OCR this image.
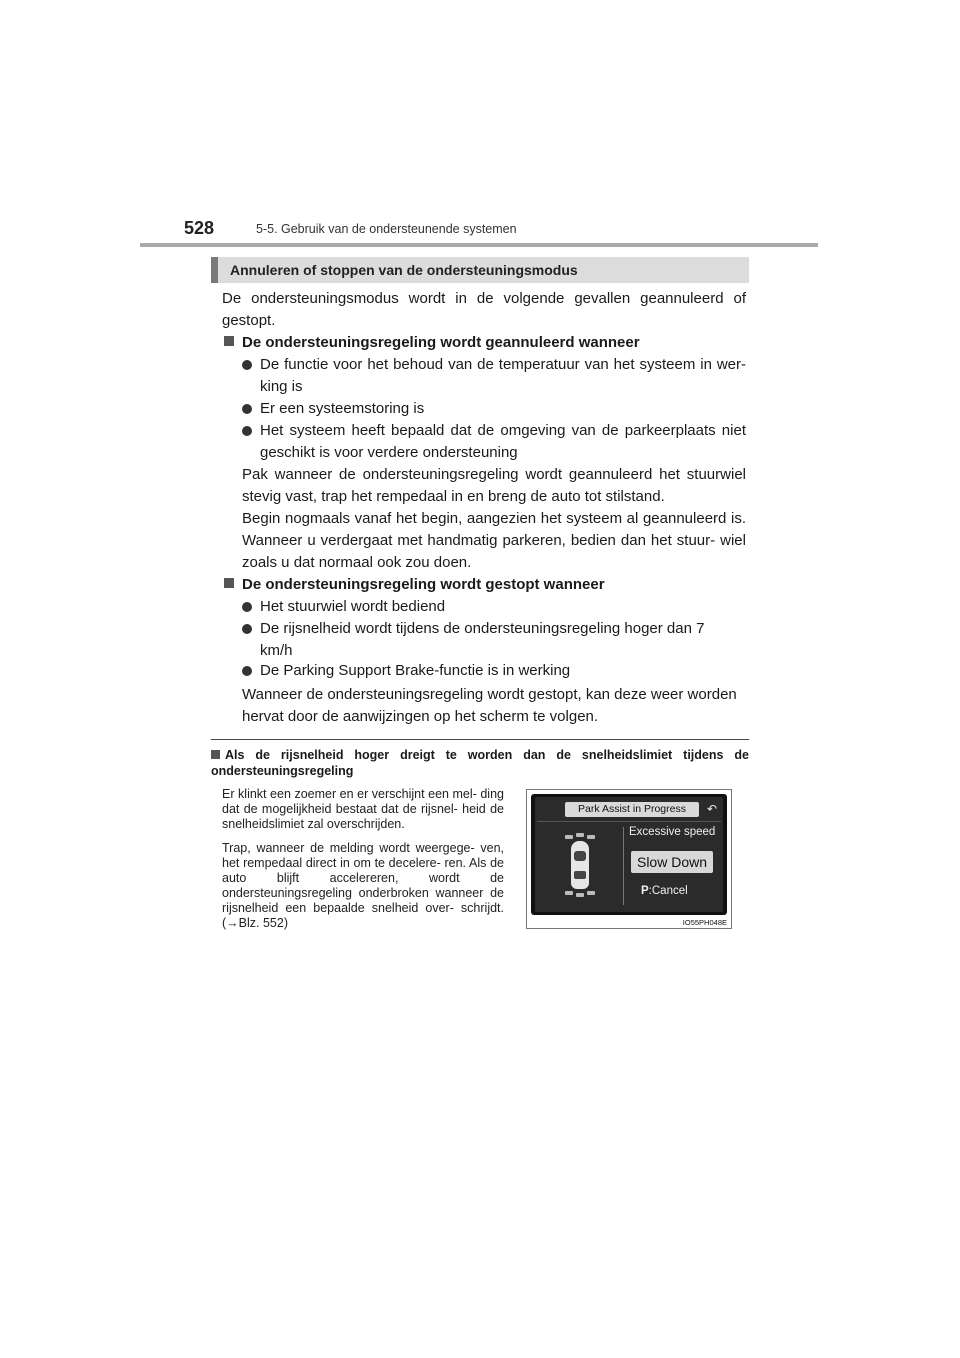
528	5-5. Gebruik van de ondersteunende systemen
Annuleren of stoppen van de ondersteuningsmodus
De ondersteuningsmodus wordt in de volgende gevallen geannuleerd of gestopt.
De ondersteuningsregeling wordt geannuleerd wanneer
De functie voor het behoud van de temperatuur van het systeem in wer- king is
Er een systeemstoring is
Het systeem heeft bepaald dat de omgeving van de parkeerplaats niet geschikt is voor verdere ondersteuning
Pak wanneer de ondersteuningsregeling wordt geannuleerd het stuurwiel stevig vast, trap het rempedaal in en breng de auto tot stilstand.
Begin nogmaals vanaf het begin, aangezien het systeem al geannuleerd is. Wanneer u verdergaat met handmatig parkeren, bedien dan het stuur- wiel zoals u dat normaal ook zou doen.
De ondersteuningsregeling wordt gestopt wanneer
Het stuurwiel wordt bediend
De rijsnelheid wordt tijdens de ondersteuningsregeling hoger dan 7 km/h
De Parking Support Brake-functie is in werking
Wanneer de ondersteuningsregeling wordt gestopt, kan deze weer worden hervat door de aanwijzingen op het scherm te volgen.
Als de rijsnelheid hoger dreigt te worden dan de snelheidslimiet tijdens de ondersteuningsregeling
Er klinkt een zoemer en er verschijnt een mel- ding dat de mogelijkheid bestaat dat de rijsnel- heid de snelheidslimiet zal overschrijden.
Trap, wanneer de melding wordt weergege- ven, het rempedaal direct in om te decelere- ren. Als de auto blijft accelereren, wordt de ondersteuningsregeling onderbroken wanneer de rijsnelheid een bepaalde snelheid over- schrijdt. (→Blz. 552)
Park Assist in Progress	↶
Excessive speed
Slow Down
P:Cancel
IO55PH048E
